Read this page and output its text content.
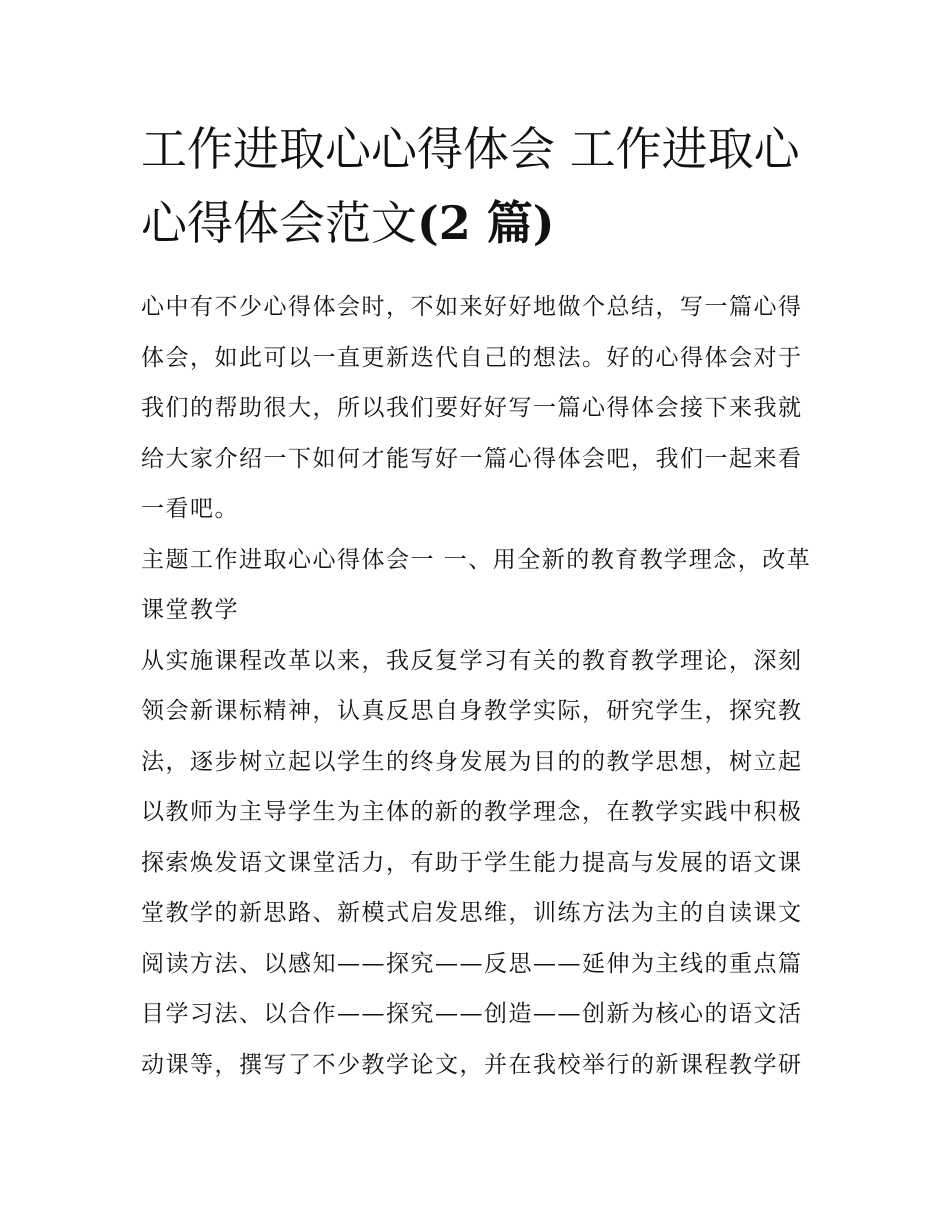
工作进取心心得体会 工作进取心心得体会范文(2 篇)

心中有不少心得体会时，不如来好好地做个总结，写一篇心得体会，如此可以一直更新迭代自己的想法。好的心得体会对于我们的帮助很大，所以我们要好好写一篇心得体会接下来我就给大家介绍一下如何才能写好一篇心得体会吧，我们一起来看一看吧。

主题工作进取心心得体会一 一、用全新的教育教学理念，改革课堂教学

从实施课程改革以来，我反复学习有关的教育教学理论，深刻领会新课标精神，认真反思自身教学实际，研究学生，探究教法，逐步树立起以学生的终身发展为目的的教学思想，树立起以教师为主导学生为主体的新的教学理念，在教学实践中积极探索焕发语文课堂活力，有助于学生能力提高与发展的语文课堂教学的新思路、新模式启发思维，训练方法为主的自读课文阅读方法、以感知——探究——反思——延伸为主线的重点篇目学习法、以合作——探究——创造——创新为核心的语文活动课等，撰写了不少教学论文，并在我校举行的新课程教学研
